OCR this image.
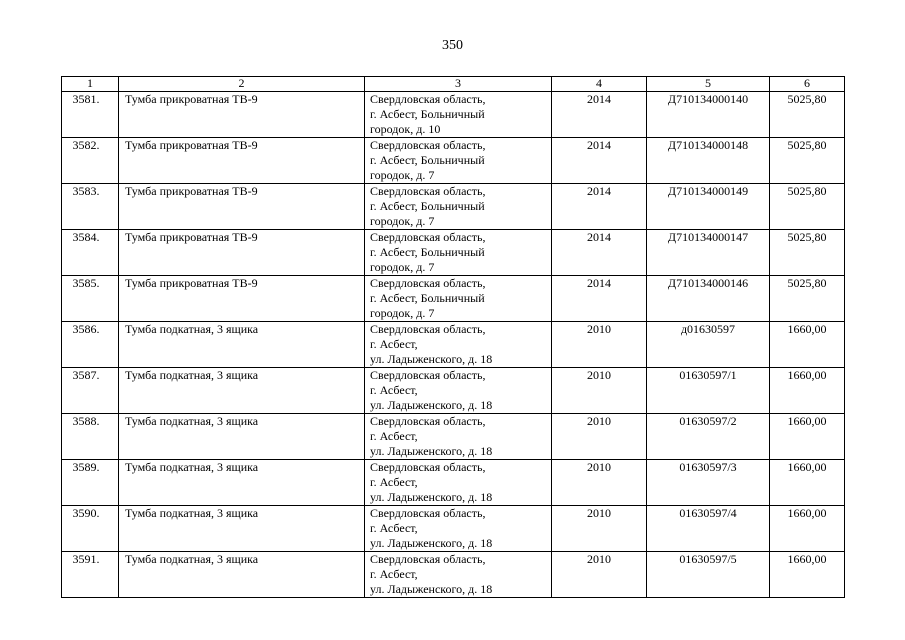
350
1	2	3	4	5	6
3581.	Тумба прикроватная ТВ-9	Свердловская область,
г. Асбест, Больничный
городок, д. 10	2014	Д710134000140	5025,80
3582.	Тумба прикроватная ТВ-9	Свердловская область,
г. Асбест, Больничный
городок, д. 7	2014	Д710134000148	5025,80
3583.	Тумба прикроватная ТВ-9	Свердловская область,
г. Асбест, Больничный
городок, д. 7	2014	Д710134000149	5025,80
3584.	Тумба прикроватная ТВ-9	Свердловская область,
г. Асбест, Больничный
городок, д. 7	2014	Д710134000147	5025,80
3585.	Тумба прикроватная ТВ-9	Свердловская область,
г. Асбест, Больничный
городок, д. 7	2014	Д710134000146	5025,80
3586.	Тумба подкатная, 3 ящика	Свердловская область,
г. Асбест,
ул. Ладыженского, д. 18	2010	д01630597	1660,00
3587.	Тумба подкатная, 3 ящика	Свердловская область,
г. Асбест,
ул. Ладыженского, д. 18	2010	01630597/1	1660,00
3588.	Тумба подкатная, 3 ящика	Свердловская область,
г. Асбест,
ул. Ладыженского, д. 18	2010	01630597/2	1660,00
3589.	Тумба подкатная, 3 ящика	Свердловская область,
г. Асбест,
ул. Ладыженского, д. 18	2010	01630597/3	1660,00
3590.	Тумба подкатная, 3 ящика	Свердловская область,
г. Асбест,
ул. Ладыженского, д. 18	2010	01630597/4	1660,00
3591.	Тумба подкатная, 3 ящика	Свердловская область,
г. Асбест,
ул. Ладыженского, д. 18	2010	01630597/5	1660,00
